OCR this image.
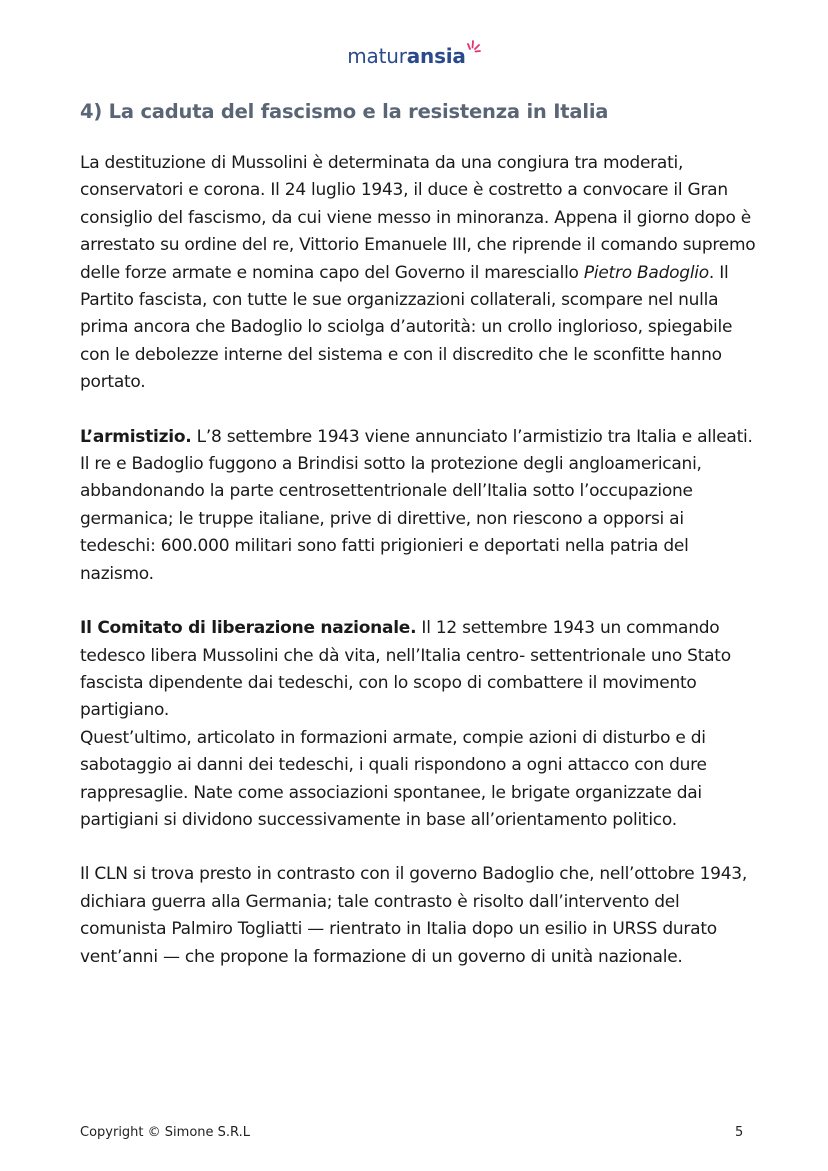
maturansia
4) La caduta del fascismo e la resistenza in Italia

La destituzione di Mussolini è determinata da una congiura tra moderati, conservatori e corona. Il 24 luglio 1943, il duce è costretto a convocare il Gran consiglio del fascismo, da cui viene messo in minoranza. Appena il giorno dopo è arrestato su ordine del re, Vittorio Emanuele III, che riprende il comando supremo delle forze armate e nomina capo del Governo il maresciallo Pietro Badoglio. Il Partito fascista, con tutte le sue organizzazioni collaterali, scompare nel nulla prima ancora che Badoglio lo sciolga d’autorità: un crollo inglorioso, spiegabile con le debolezze interne del sistema e con il discredito che le sconfitte hanno portato.

L’armistizio. L’8 settembre 1943 viene annunciato l’armistizio tra Italia e alleati. Il re e Badoglio fuggono a Brindisi sotto la protezione degli angloamericani, abbandonando la parte centrosettentrionale dell’Italia sotto l’occupazione germanica; le truppe italiane, prive di direttive, non riescono a opporsi ai tedeschi: 600.000 militari sono fatti prigionieri e deportati nella patria del nazismo.

Il Comitato di liberazione nazionale. Il 12 settembre 1943 un commando tedesco libera Mussolini che dà vita, nell’Italia centro- settentrionale uno Stato fascista dipendente dai tedeschi, con lo scopo di combattere il movimento partigiano.

Quest’ultimo, articolato in formazioni armate, compie azioni di disturbo e di sabotaggio ai danni dei tedeschi, i quali rispondono a ogni attacco con dure rappresaglie. Nate come associazioni spontanee, le brigate organizzate dai partigiani si dividono successivamente in base all’orientamento politico.

Il CLN si trova presto in contrasto con il governo Badoglio che, nell’ottobre 1943, dichiara guerra alla Germania; tale contrasto è risolto dall’intervento del comunista Palmiro Togliatti — rientrato in Italia dopo un esilio in URSS durato vent’anni — che propone la formazione di un governo di unità nazionale.

Copyright © Simone S.R.L	5
